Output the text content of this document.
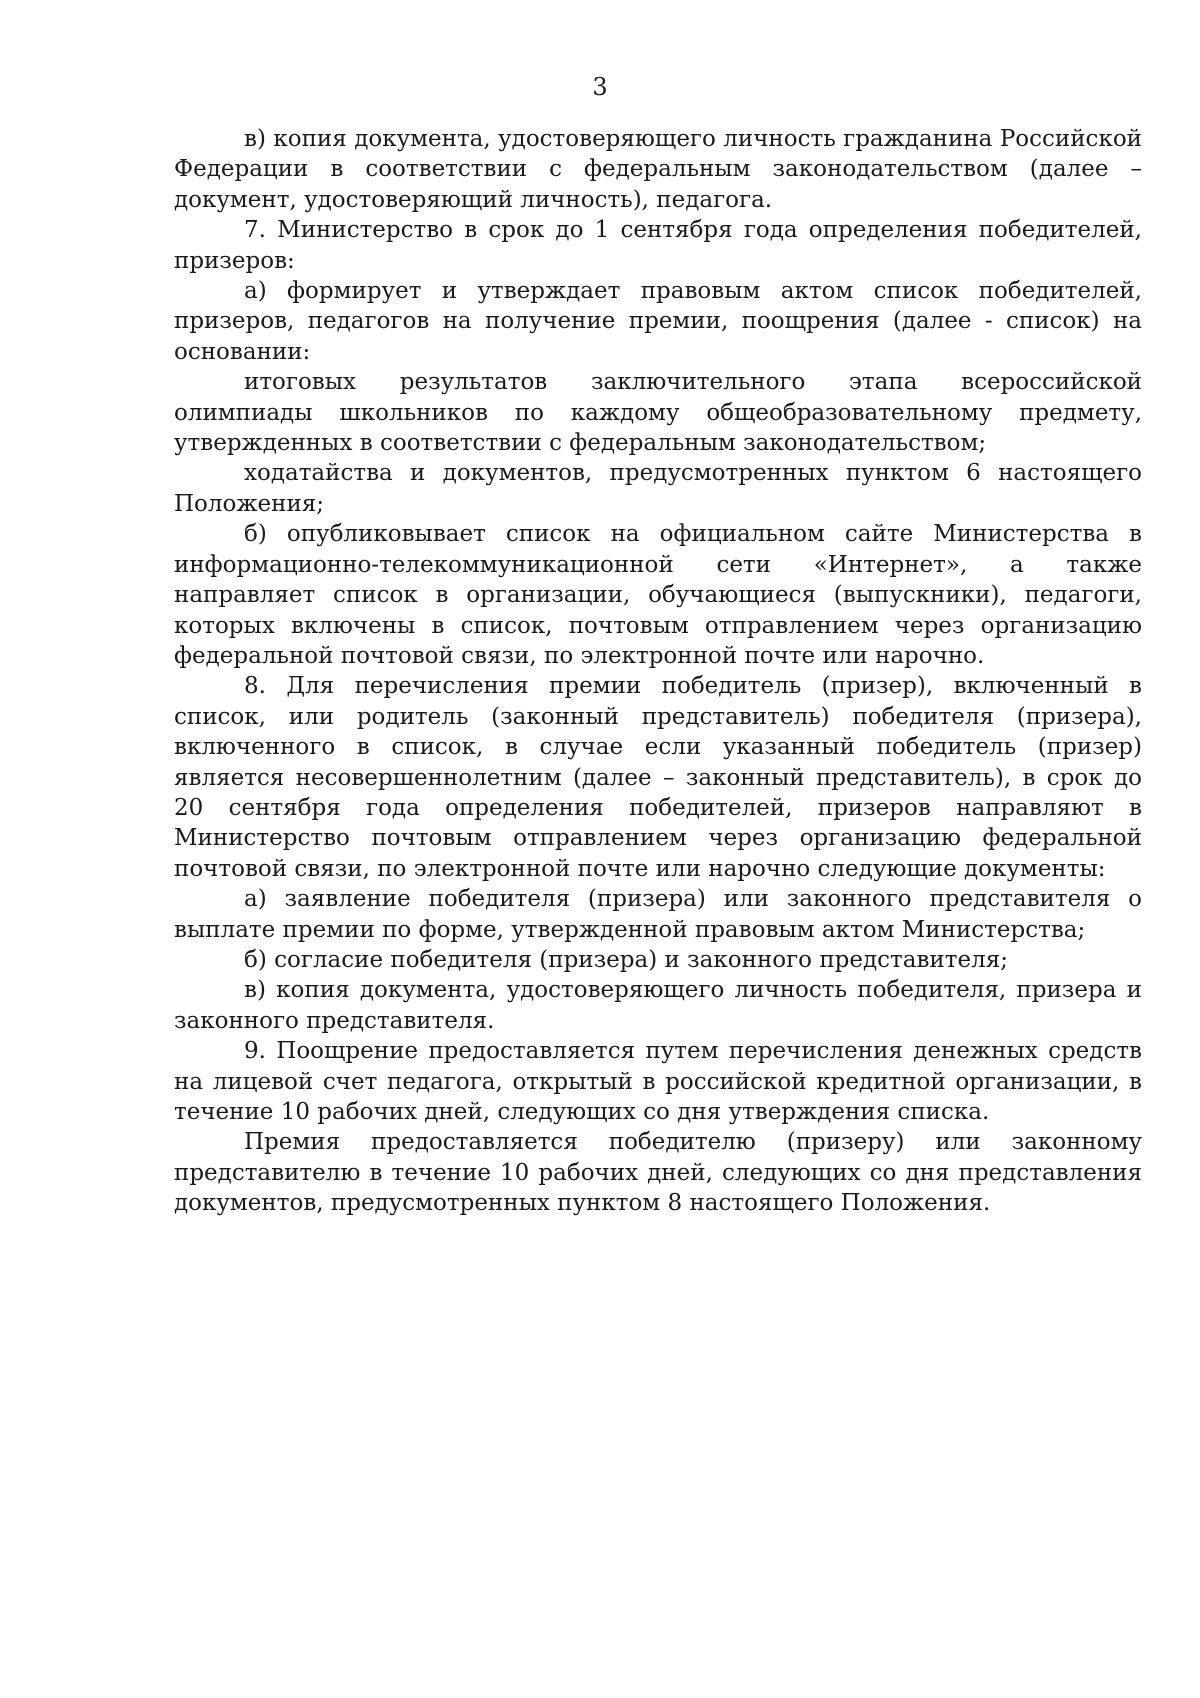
3

в) копия документа, удостоверяющего личность гражданина Российской Федерации в соответствии с федеральным законодательством (далее – документ, удостоверяющий личность), педагога.

7. Министерство в срок до 1 сентября года определения победителей, призеров:

а) формирует и утверждает правовым актом список победителей, призеров, педагогов на получение премии, поощрения (далее - список) на основании:

итоговых результатов заключительного этапа всероссийской олимпиады школьников по каждому общеобразовательному предмету, утвержденных в соответствии с федеральным законодательством;

ходатайства и документов, предусмотренных пунктом 6 настоящего Положения;

б) опубликовывает список на официальном сайте Министерства в информационно-телекоммуникационной сети «Интернет», а также направляет список в организации, обучающиеся (выпускники), педагоги, которых включены в список, почтовым отправлением через организацию федеральной почтовой связи, по электронной почте или нарочно.

8. Для перечисления премии победитель (призер), включенный в список, или родитель (законный представитель) победителя (призера), включенного в список, в случае если указанный победитель (призер) является несовершеннолетним (далее – законный представитель), в срок до 20 сентября года определения победителей, призеров направляют в Министерство почтовым отправлением через организацию федеральной почтовой связи, по электронной почте или нарочно следующие документы:

а) заявление победителя (призера) или законного представителя о выплате премии по форме, утвержденной правовым актом Министерства;

б) согласие победителя (призера) и законного представителя;

в) копия документа, удостоверяющего личность победителя, призера и законного представителя.

9. Поощрение предоставляется путем перечисления денежных средств на лицевой счет педагога, открытый в российской кредитной организации, в течение 10 рабочих дней, следующих со дня утверждения списка.

Премия предоставляется победителю (призеру) или законному представителю в течение 10 рабочих дней, следующих со дня представления документов, предусмотренных пунктом 8 настоящего Положения.
